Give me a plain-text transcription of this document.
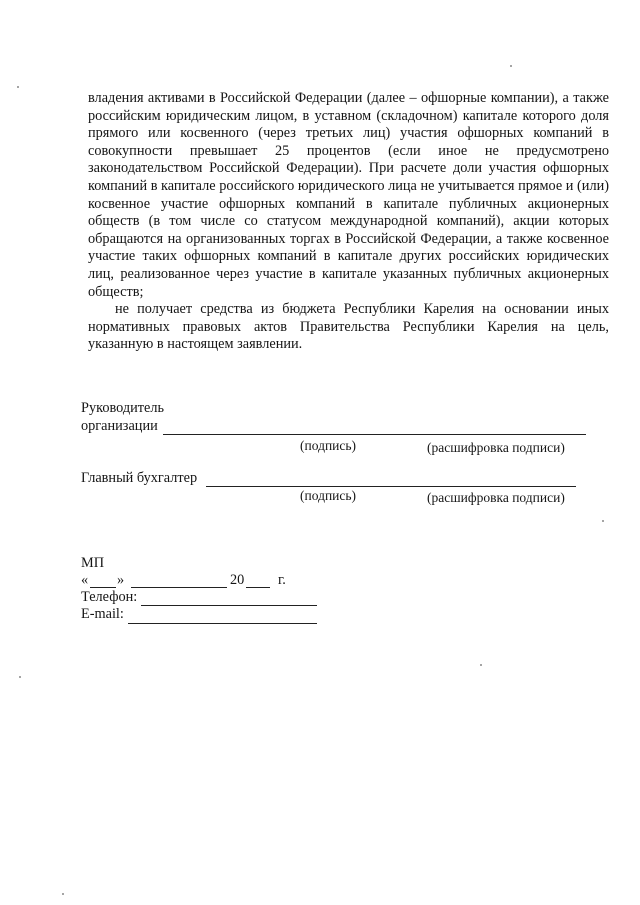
владения активами в Российской Федерации (далее – офшорные компании), а также российским юридическим лицом, в уставном (складочном) капитале которого доля прямого или косвенного (через третьих лиц) участия офшорных компаний в совокупности превышает 25 процентов (если иное не предусмотрено законодательством Российской Федерации). При расчете доли участия офшорных компаний в капитале российского юридического лица не учитывается прямое и (или) косвенное участие офшорных компаний в капитале публичных акционерных обществ (в том числе со статусом международной компаний), акции которых обращаются на организованных торгах в Российской Федерации, а также косвенное участие таких офшорных компаний в капитале других российских юридических лиц, реализованное через участие в капитале указанных публичных акционерных обществ;

не получает средства из бюджета Республики Карелия на основании иных нормативных правовых актов Правительства Республики Карелия на цель, указанную в настоящем заявлении.

Руководитель
организации
(подпись)	(расшифровка подписи)
Главный бухгалтер
(подпись)	(расшифровка подписи)
МП
« »	20 г.
Телефон:
E-mail:
